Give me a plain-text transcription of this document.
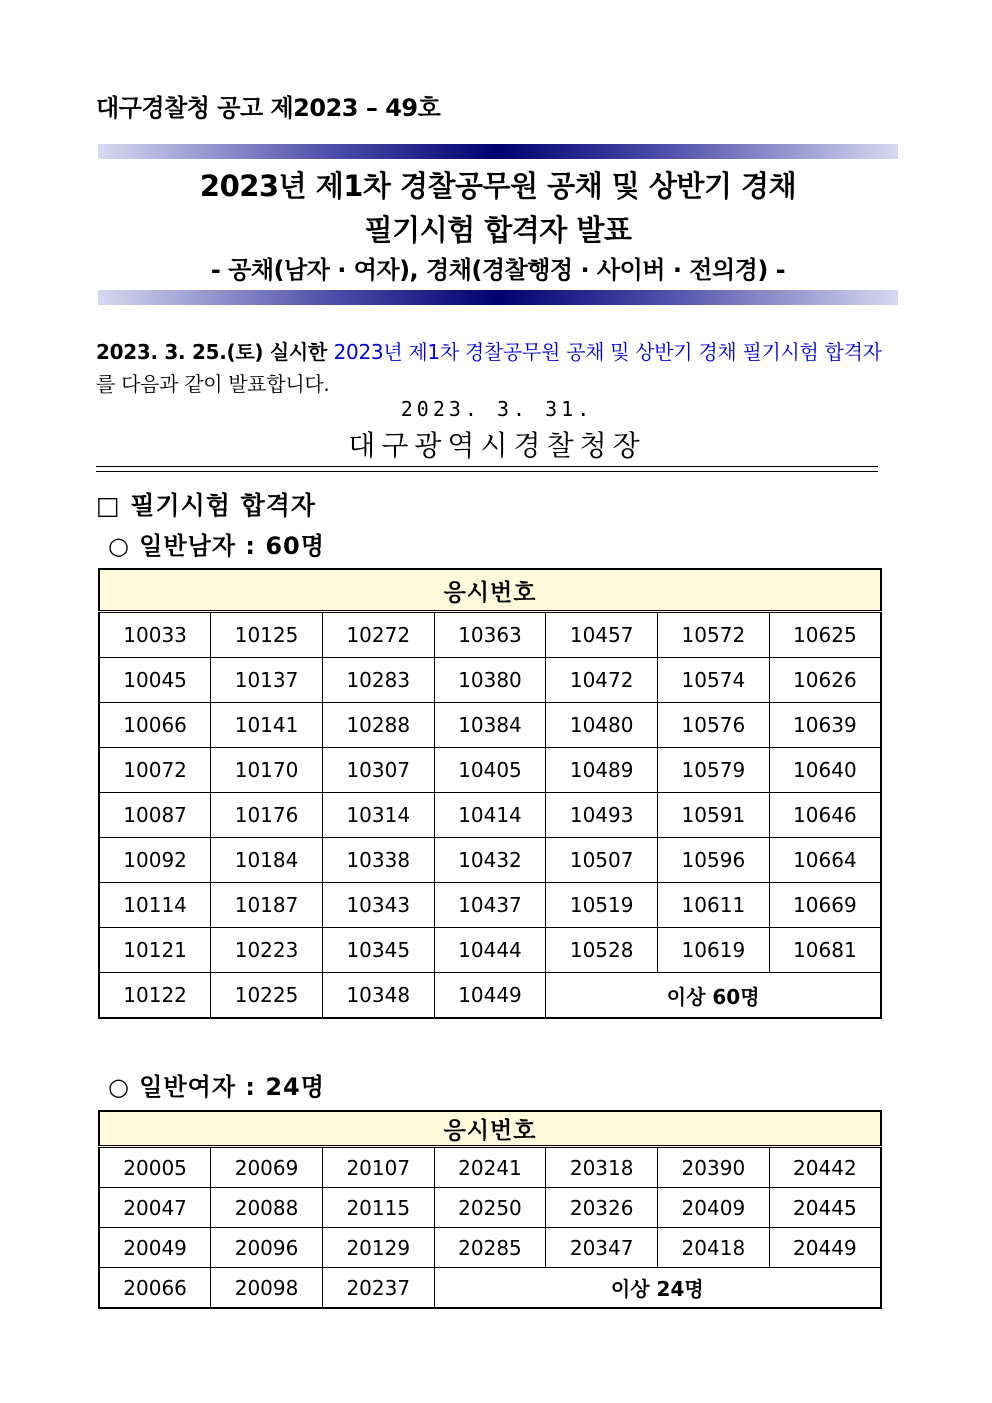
대구경찰청 공고 제2023 – 49호
2023년 제1차 경찰공무원 공채 및 상반기 경채
필기시험 합격자 발표
- 공채(남자 · 여자), 경채(경찰행정 · 사이버 · 전의경) -
2023. 3. 25.(토) 실시한 2023년 제1차 경찰공무원 공채 및 상반기 경채 필기시험 합격자를 다음과 같이 발표합니다.
2023. 3. 31.
대구광역시경찰청장
□ 필기시험 합격자
○ 일반남자 : 60명
응시번호						
10033	10125	10272	10363	10457	10572	10625
10045	10137	10283	10380	10472	10574	10626
10066	10141	10288	10384	10480	10576	10639
10072	10170	10307	10405	10489	10579	10640
10087	10176	10314	10414	10493	10591	10646
10092	10184	10338	10432	10507	10596	10664
10114	10187	10343	10437	10519	10611	10669
10121	10223	10345	10444	10528	10619	10681
10122	10225	10348	10449	이상 60명		
○ 일반여자 : 24명
응시번호						
20005	20069	20107	20241	20318	20390	20442
20047	20088	20115	20250	20326	20409	20445
20049	20096	20129	20285	20347	20418	20449
20066	20098	20237	이상 24명			
